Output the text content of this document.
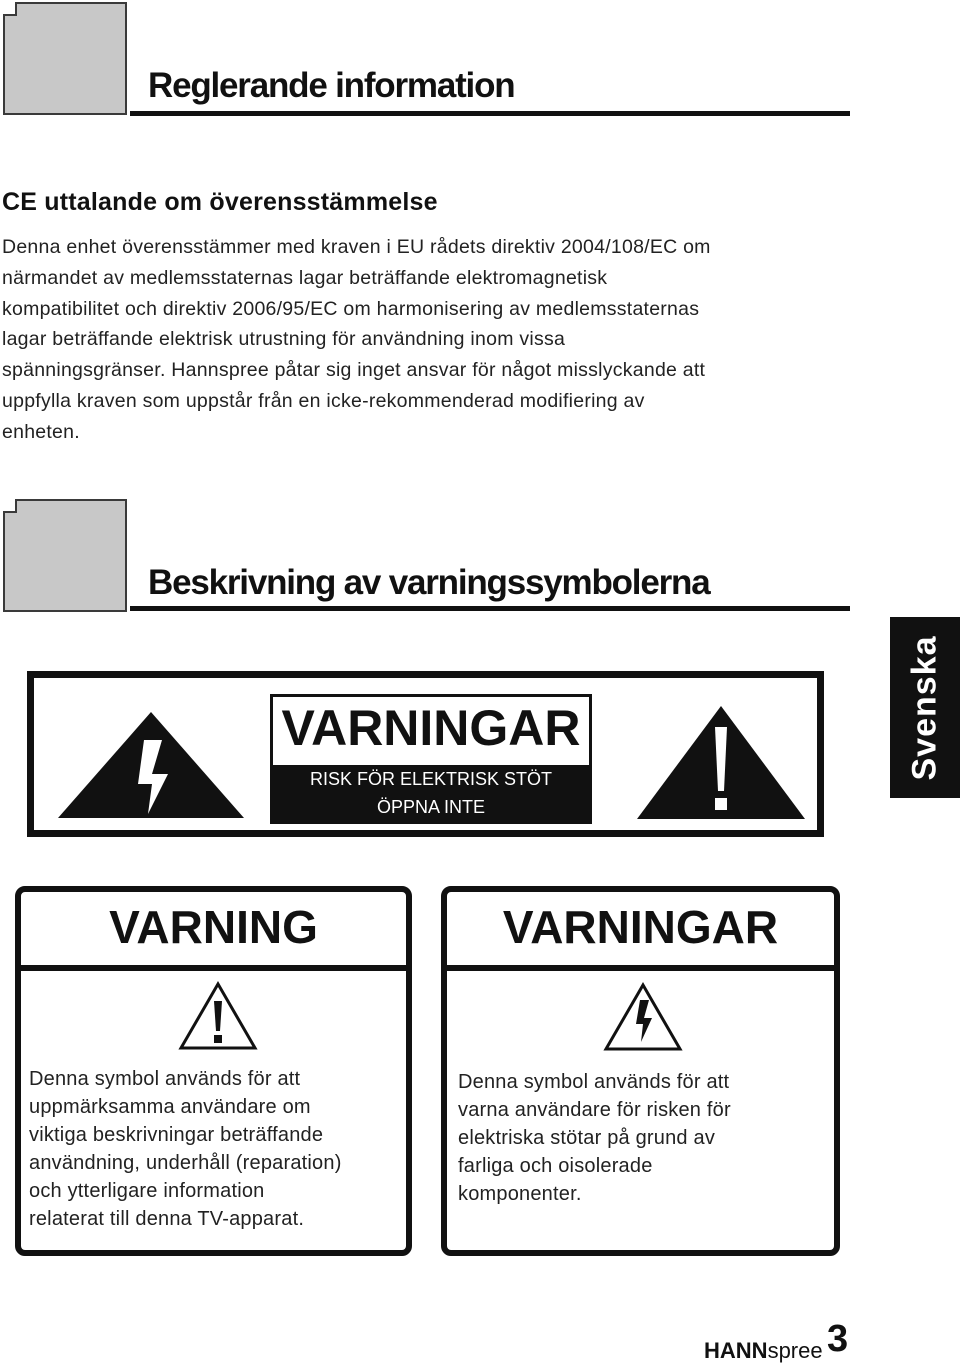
Reglerande information
CE uttalande om överensstämmelse
Denna enhet överensstämmer med kraven i EU rådets direktiv 2004/108/EC om
närmandet av medlemsstaternas lagar beträffande elektromagnetisk
kompatibilitet och direktiv 2006/95/EC om harmonisering av medlemsstaternas
lagar beträffande elektrisk utrustning för användning inom vissa
spänningsgränser. Hannspree påtar sig inget ansvar för något misslyckande att
uppfylla kraven som uppstår från en icke-rekommenderad modifiering av
enheten.
Beskrivning av varningssymbolerna
VARNINGAR
RISK FÖR ELEKTRISK STÖT
ÖPPNA INTE
Svenska
VARNING
Denna symbol används för att
uppmärksamma användare om
viktiga beskrivningar beträffande
användning, underhåll (reparation)
och ytterligare information
relaterat till denna TV-apparat.
VARNINGAR
Denna symbol används för att
varna användare för risken för
elektriska stötar på grund av
farliga och oisolerade
komponenter.
HANNspree 3
